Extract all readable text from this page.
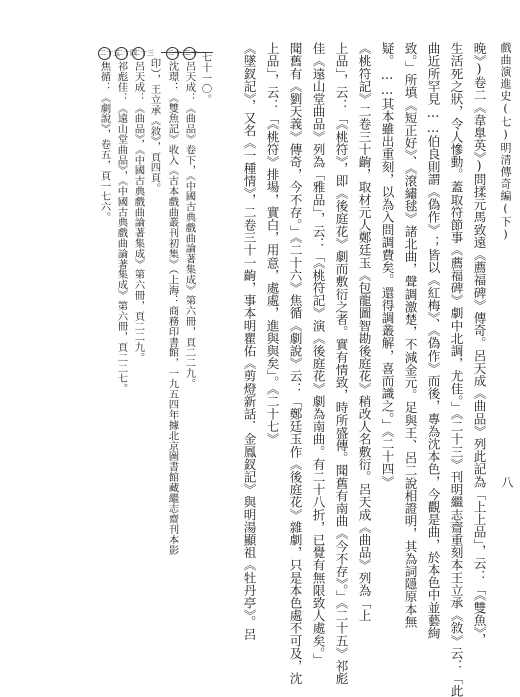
戲曲演進史(七)明清傳奇編(下)
八
晚》)卷二《韋臯英》)問揉元馬致遠《薦福碑》傳奇。呂天成《曲品》列此記為「上上品」，云：「《雙魚》，
生活死之狀，令人慘動。蓋取符節事《薦福碑》劇中北調，尤佳。」《二十三》刊明繼志齋重刻本王立承《敘》云：「此
曲近所罕見……伯良則謂《偽作》；皆以《紅梅》、《偽作》而後，專為沈本色，今觀是曲，於本色中並藝絢
致。」所填《短正好》、《滾繡毬》諸北曲，聲調激楚，不減金元。足與王、呂二說相證明，其為詞隱原本無
疑。……其本雖出重刻，以為入問調費矣。還得調叢解，喜而識之。」《二十四》
《桃符記》二卷三十齣，取材元人鄭廷玉《包龍圖智勘後庭花》稍改人名敷衍。呂天成《曲品》列為「上
上品」，云：「《桃符》，即《後庭花》劇而敷衍之者。實有情致，時所盛傳。聞舊有南曲《今不存》。」《二十五》祁彪
佳《遠山堂曲品》列為「雅品」，云：「《桃符記》演《後庭花》劇為南曲。有二十八折，已覺有無限致人處矣。」
聞舊有《劉天義》傳奇，今不存。」《二十六》焦循《劇說》云：「鄭廷玉作《後庭花》雜劇，只是本色處不可及，沈
上品」，云：「《桃符》排場，實白，用意，處處，進與與矣」。《二十七》
《墜釵記》，又名《一種情》，二卷三十一齣，事本明瞿佑《剪燈新話．金鳳釵記》與明湯顯祖《牡丹亭》。呂
七十一〇。
二十一呂天成：《曲品》卷下，《中國古典戲曲論著集成》第六冊，頁二二九。
二十二沈璟：《雙魚記》收入《古本戲曲叢刊初集》（上海：商務印書館，一九五四年據北京圖書館藏繼志齋刊本影
印），王立承《敘》，頁四頁。
二十三呂天成：《曲品》，《中國古典戲曲論著集成》第六冊，頁二二九。
二十四祁彪佳：《遠山堂曲品》，《中國古典戲曲論著集成》第六冊，頁二二七。
二十五焦循：《劇說》，卷五，頁一七六。
